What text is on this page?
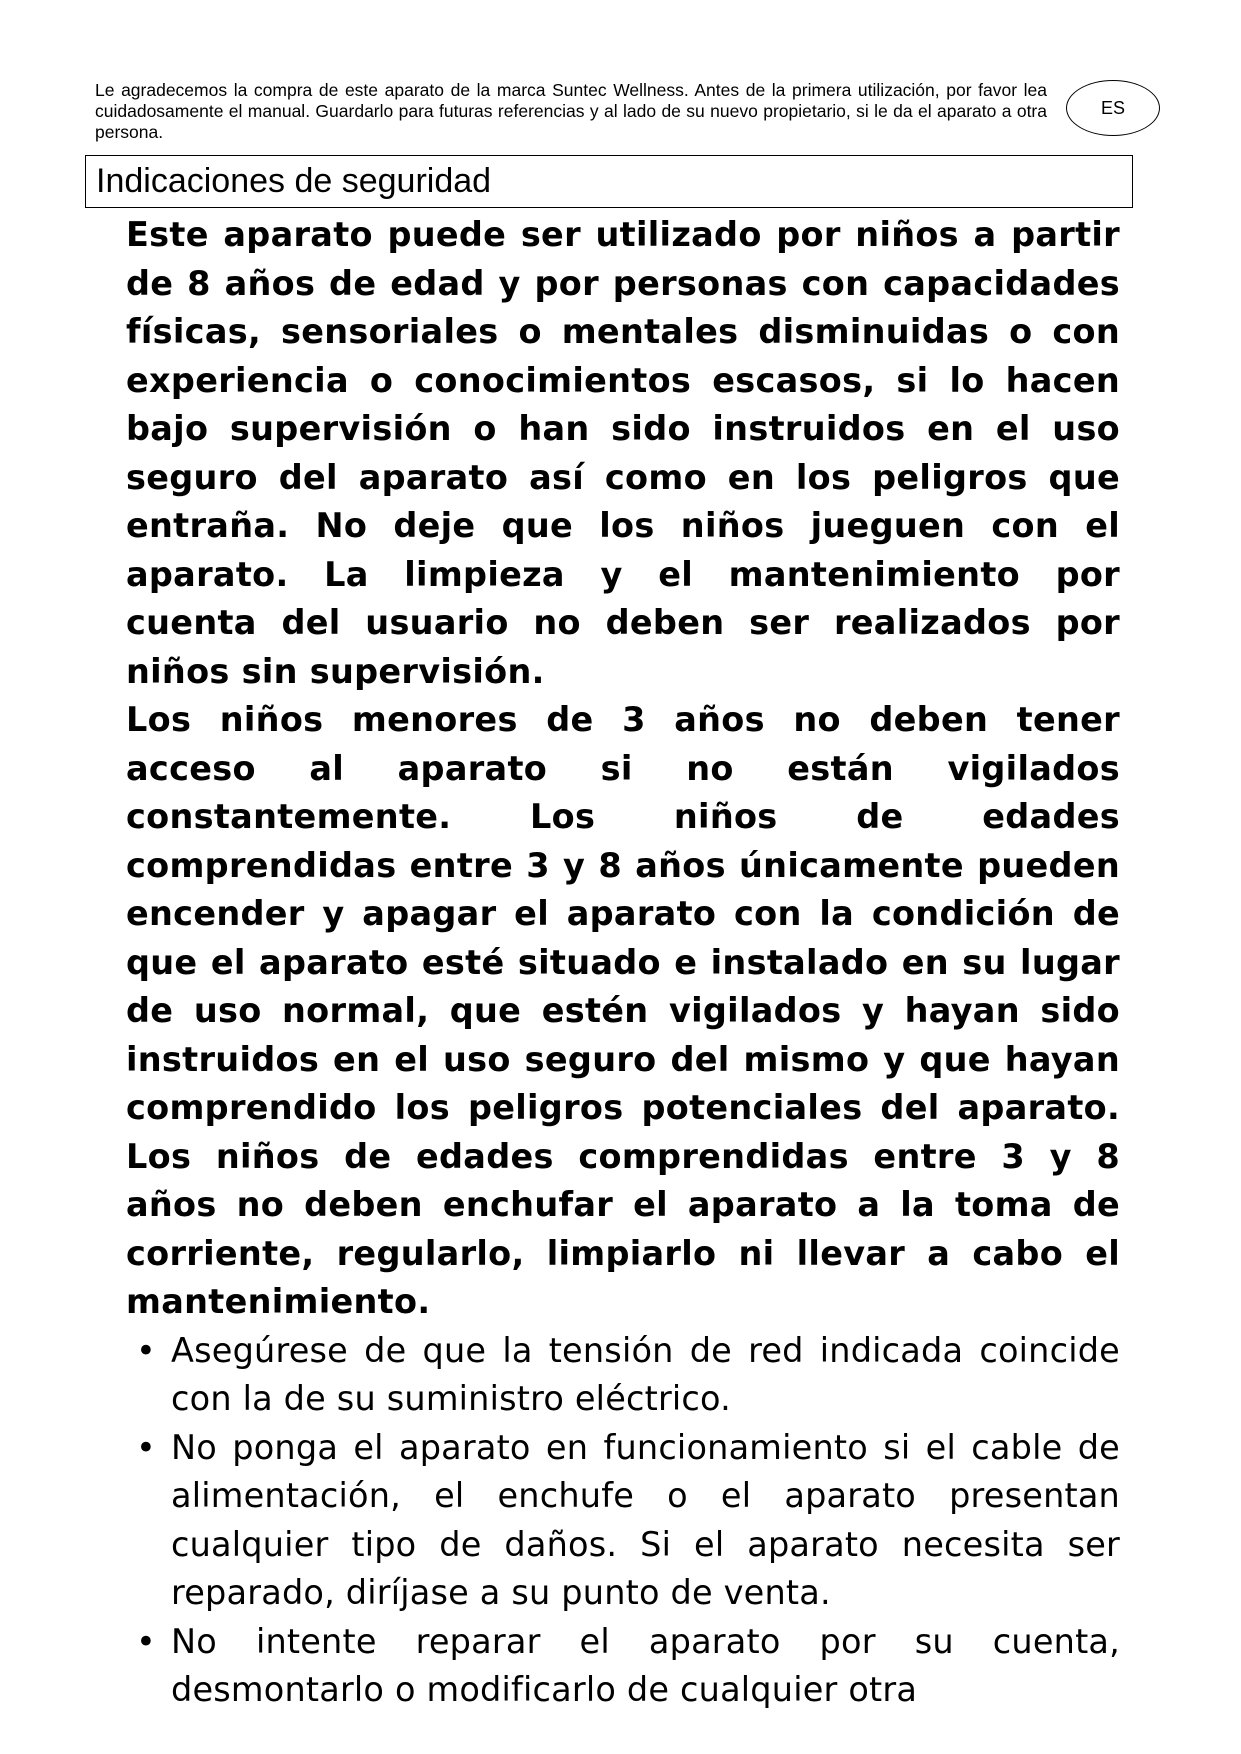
Le agradecemos la compra de este aparato de la marca Suntec Wellness. Antes de la primera utilización, por favor lea cuidadosamente el manual. Guardarlo para futuras referencias y al lado de su nuevo propietario, si le da el aparato a otra persona.

ES
Indicaciones de seguridad

Este aparato puede ser utilizado por niños a partir de 8 años de edad y por personas con capacidades físicas, sensoriales o mentales disminuidas o con experiencia o conocimientos escasos, si lo hacen bajo supervisión o han sido instruidos en el uso seguro del aparato así como en los peligros que entraña. No deje que los niños jueguen con el aparato. La limpieza y el mantenimiento por cuenta del usuario no deben ser realizados por niños sin supervisión.

Los niños menores de 3 años no deben tener acceso al aparato si no están vigilados constantemente. Los niños de edades comprendidas entre 3 y 8 años únicamente pueden encender y apagar el aparato con la condición de que el aparato esté situado e instalado en su lugar de uso normal, que estén vigilados y hayan sido instruidos en el uso seguro del mismo y que hayan comprendido los peligros potenciales del aparato. Los niños de edades comprendidas entre 3 y 8 años no deben enchufar el aparato a la toma de corriente, regularlo, limpiarlo ni llevar a cabo el mantenimiento.

• Asegúrese de que la tensión de red indicada coincide con la de su suministro eléctrico.
• No ponga el aparato en funcionamiento si el cable de alimentación, el enchufe o el aparato presentan cualquier tipo de daños. Si el aparato necesita ser reparado, diríjase a su punto de venta.
• No intente reparar el aparato por su cuenta, desmontarlo o modificarlo de cualquier otra
